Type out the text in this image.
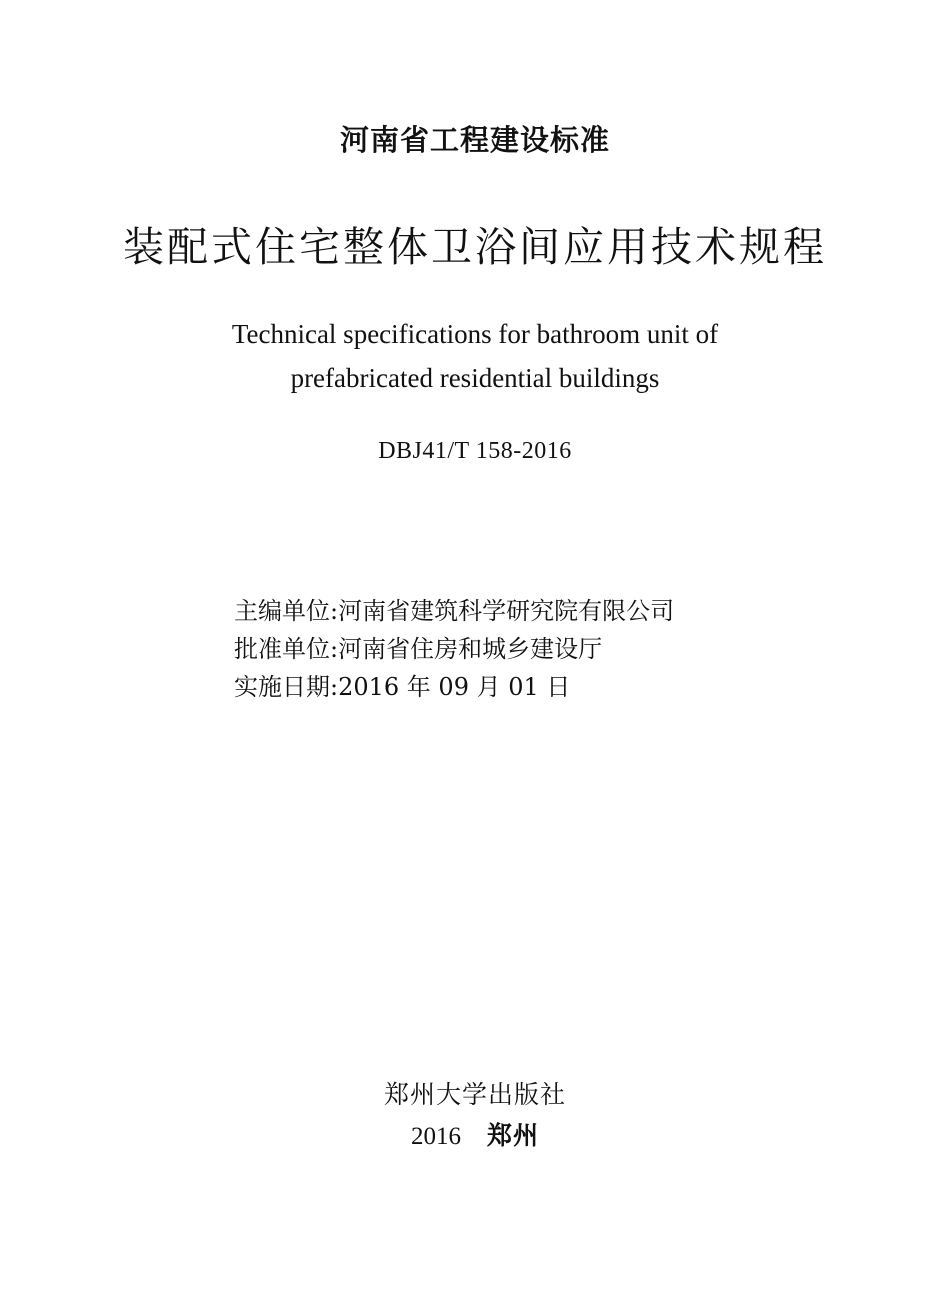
河南省工程建设标准
装配式住宅整体卫浴间应用技术规程
Technical specifications for bathroom unit of
prefabricated residential buildings
DBJ41/T 158-2016
主编单位:河南省建筑科学研究院有限公司
批准单位:河南省住房和城乡建设厅
实施日期:2016 年 09 月 01 日
郑州大学出版社
2016 郑州
